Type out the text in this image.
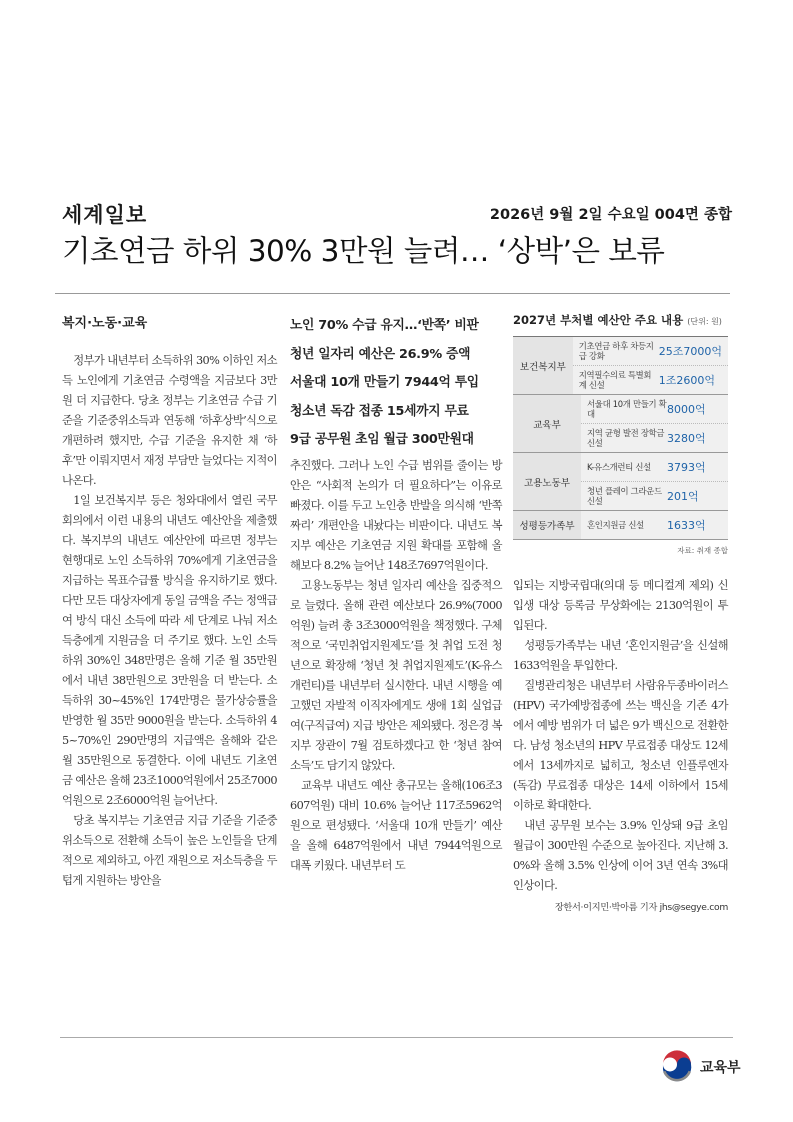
세계일보	2026년 9월 2일 수요일 004면 종합
기초연금 하위 30% 3만원 늘려… ‘상박’은 보류
복지·노동·교육

정부가 내년부터 소득하위 30% 이하인 저소득 노인에게 기초연금 수령액을 지금보다 3만원 더 지급한다. 당초 정부는 기초연금 수급 기준을 기준중위소득과 연동해 ‘하후상박’식으로 개편하려 했지만, 수급 기준을 유지한 채 ‘하후’만 이뤄지면서 재정 부담만 늘었다는 지적이 나온다.

1일 보건복지부 등은 청와대에서 열린 국무회의에서 이런 내용의 내년도 예산안을 제출했다. 복지부의 내년도 예산안에 따르면 정부는 현행대로 노인 소득하위 70%에게 기초연금을 지급하는 목표수급률 방식을 유지하기로 했다. 다만 모든 대상자에게 동일 금액을 주는 정액급여 방식 대신 소득에 따라 세 단계로 나눠 저소득층에게 지원금을 더 주기로 했다. 노인 소득하위 30%인 348만명은 올해 기준 월 35만원에서 내년 38만원으로 3만원을 더 받는다. 소득하위 30~45%인 174만명은 물가상승률을 반영한 월 35만 9000원을 받는다. 소득하위 45~70%인 290만명의 지급액은 올해와 같은 월 35만원으로 동결한다. 이에 내년도 기초연금 예산은 올해 23조1000억원에서 25조7000억원으로 2조6000억원 늘어난다.

당초 복지부는 기초연금 지급 기준을 기준중위소득으로 전환해 소득이 높은 노인들을 단계적으로 제외하고, 아낀 재원으로 저소득층을 두텁게 지원하는 방안을

노인 70% 수급 유지…‘반쪽’ 비판
청년 일자리 예산은 26.9% 증액
서울대 10개 만들기 7944억 투입
청소년 독감 접종 15세까지 무료
9급 공무원 초임 월급 300만원대

추진했다. 그러나 노인 수급 범위를 줄이는 방안은 “사회적 논의가 더 필요하다”는 이유로 빠졌다. 이를 두고 노인층 반발을 의식해 ‘반쪽짜리’ 개편안을 내놨다는 비판이다. 내년도 복지부 예산은 기초연금 지원 확대를 포함해 올해보다 8.2% 늘어난 148조7697억원이다.

고용노동부는 청년 일자리 예산을 집중적으로 늘렸다. 올해 관련 예산보다 26.9%(7000억원) 늘려 총 3조3000억원을 책정했다. 구체적으로 ‘국민취업지원제도’를 첫 취업 도전 청년으로 확장해 ‘청년 첫 취업지원제도’(K-유스개런티)를 내년부터 실시한다. 내년 시행을 예고했던 자발적 이직자에게도 생애 1회 실업급여(구직급여) 지급 방안은 제외됐다. 정은경 복지부 장관이 7월 검토하겠다고 한 ‘청년 참여소득’도 담기지 않았다.

교육부 내년도 예산 총규모는 올해(106조3607억원) 대비 10.6% 늘어난 117조5962억원으로 편성됐다. ‘서울대 10개 만들기’ 예산을 올해 6487억원에서 내년 7944억원으로 대폭 키웠다. 내년부터 도

2027년 부처별 예산안 주요 내용 (단위: 원)
보건복지부
기초연금 하후 차등지급 강화	25조7000억
지역필수의료 특별회계 신설	1조2600억
교육부
서울대 10개 만들기 확대	8000억
지역 균형 발전 장학금 신설	3280억
고용노동부
K-유스개런티 신설	3793억
청년 플레이 그라운드 신설	201억
성평등가족부	혼인지원금 신설	1633억
자료: 취재 종합

입되는 지방국립대(의대 등 메디컬계 제외) 신입생 대상 등록금 무상화에는 2130억원이 투입된다.

성평등가족부는 내년 ‘혼인지원금’을 신설해 1633억원을 투입한다.

질병관리청은 내년부터 사람유두종바이러스(HPV) 국가예방접종에 쓰는 백신을 기존 4가에서 예방 범위가 더 넓은 9가 백신으로 전환한다. 남성 청소년의 HPV 무료접종 대상도 12세에서 13세까지로 넓히고, 청소년 인플루엔자(독감) 무료접종 대상은 14세 이하에서 15세 이하로 확대한다.

내년 공무원 보수는 3.9% 인상돼 9급 초임 월급이 300만원 수준으로 높아진다. 지난해 3.0%와 올해 3.5% 인상에 이어 3년 연속 3%대 인상이다.

장한서·이지민·박아름 기자 jhs@segye.com
교육부
